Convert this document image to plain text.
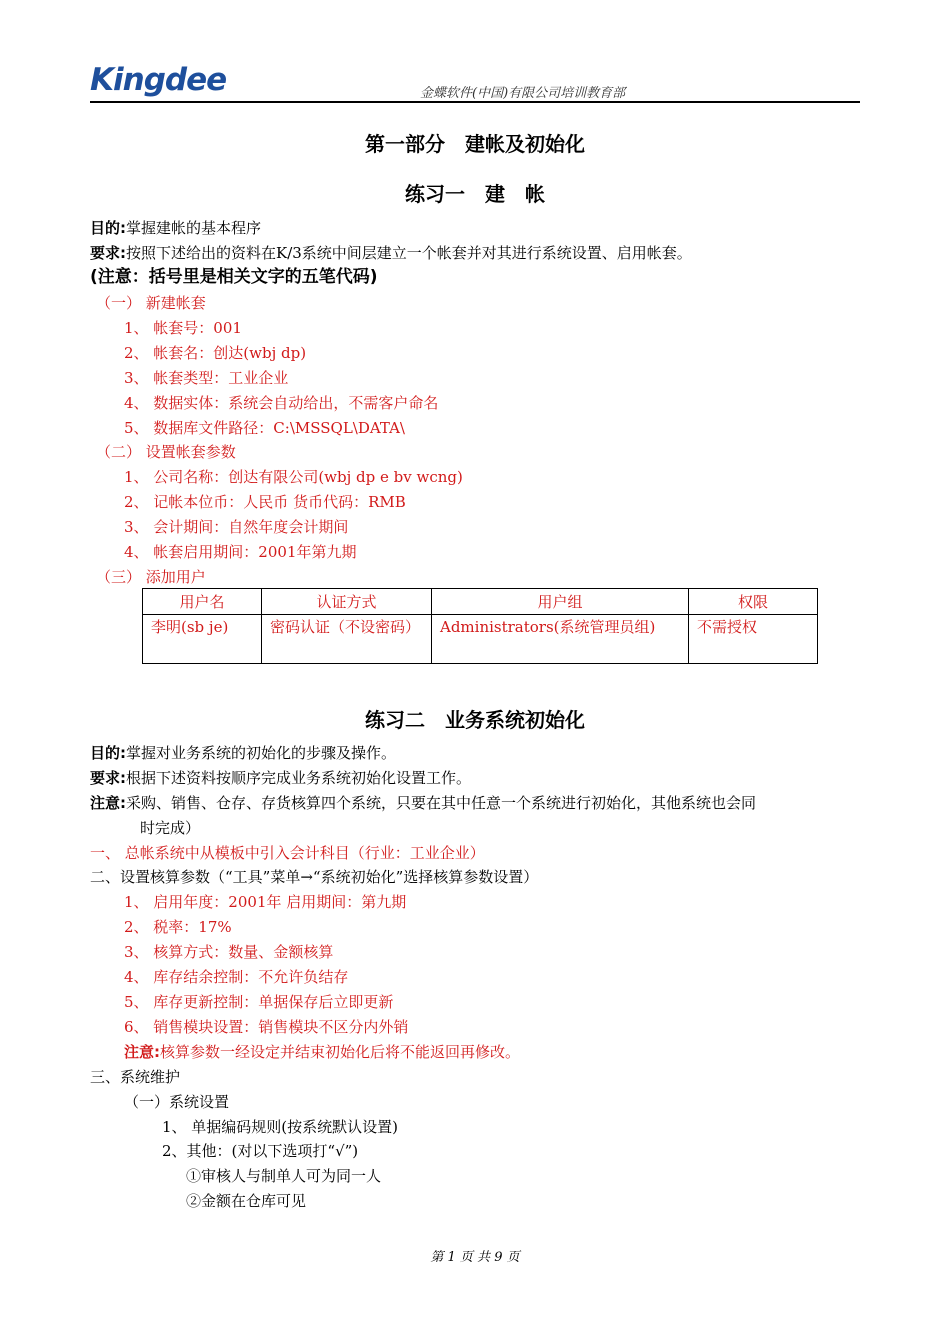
Kingdee	金蝶软件(中国)有限公司培训教育部
第一部分　建帐及初始化
练习一　建　帐
目的:掌握建帐的基本程序
要求:按照下述给出的资料在K/3系统中间层建立一个帐套并对其进行系统设置、启用帐套。
(注意：括号里是相关文字的五笔代码)
（一） 新建帐套
1、 帐套号：001
2、 帐套名：创达(wbj dp)
3、 帐套类型：工业企业
4、 数据实体：系统会自动给出，不需客户命名
5、 数据库文件路径：C:\MSSQL\DATA\
（二） 设置帐套参数
1、 公司名称：创达有限公司(wbj dp e bv wcng)
2、 记帐本位币：人民币 货币代码：RMB
3、 会计期间：自然年度会计期间
4、 帐套启用期间：2001年第九期
（三） 添加用户
用户名	认证方式	用户组	权限
李明(sb je)	密码认证（不设密码）	Administrators(系统管理员组)	不需授权
练习二　业务系统初始化
目的:掌握对业务系统的初始化的步骤及操作。
要求:根据下述资料按顺序完成业务系统初始化设置工作。
注意:采购、销售、仓存、存货核算四个系统，只要在其中任意一个系统进行初始化，其他系统也会同
时完成）
一、 总帐系统中从模板中引入会计科目（行业：工业企业）
二、设置核算参数（“工具”菜单→“系统初始化”选择核算参数设置）
1、 启用年度：2001年 启用期间：第九期
2、 税率：17%
3、 核算方式：数量、金额核算
4、 库存结余控制：不允许负结存
5、 库存更新控制：单据保存后立即更新
6、 销售模块设置：销售模块不区分内外销
注意:核算参数一经设定并结束初始化后将不能返回再修改。
三、系统维护
（一）系统设置
1、 单据编码规则(按系统默认设置)
2、其他：(对以下选项打“√”)
①审核人与制单人可为同一人
②金额在仓库可见
第 1 页 共 9 页
